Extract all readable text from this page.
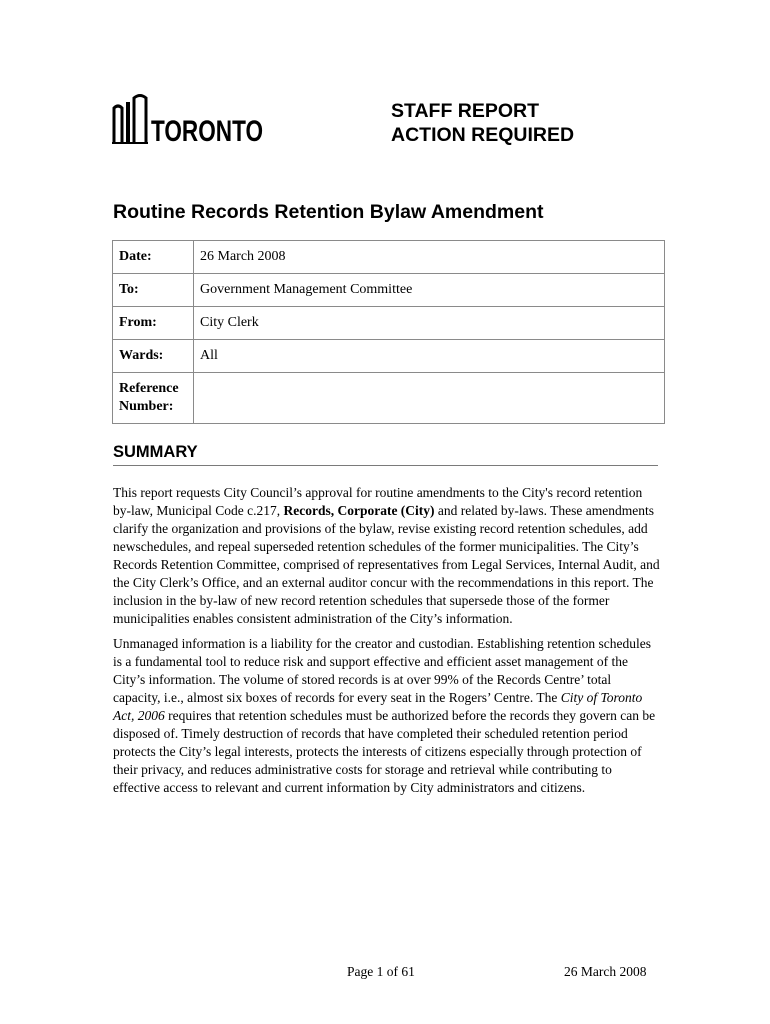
TORONTO
STAFF REPORT
ACTION REQUIRED
Routine Records Retention Bylaw Amendment
Date:	26 March 2008
To:	Government Management Committee
From:	City Clerk
Wards:	All
Reference
Number:	
SUMMARY

This report requests City Council’s approval for routine amendments to the City's record retention by-law, Municipal Code c.217, Records, Corporate (City) and related by-laws. These amendments clarify the organization and provisions of the bylaw, revise existing record retention schedules, add newschedules, and repeal superseded retention schedules of the former municipalities. The City’s Records Retention Committee, comprised of representatives from Legal Services, Internal Audit, and the City Clerk’s Office, and an external auditor concur with the recommendations in this report. The inclusion in the by-law of new record retention schedules that supersede those of the former municipalities enables consistent administration of the City’s information.

Unmanaged information is a liability for the creator and custodian. Establishing retention schedules is a fundamental tool to reduce risk and support effective and efficient asset management of the City’s information. The volume of stored records is at over 99% of the Records Centre’ total capacity, i.e., almost six boxes of records for every seat in the Rogers’ Centre. The City of Toronto Act, 2006 requires that retention schedules must be authorized before the records they govern can be disposed of. Timely destruction of records that have completed their scheduled retention period protects the City’s legal interests, protects the interests of citizens especially through protection of their privacy, and reduces administrative costs for storage and retrieval while contributing to effective access to relevant and current information by City administrators and citizens.

Page 1 of 61	26 March 2008
